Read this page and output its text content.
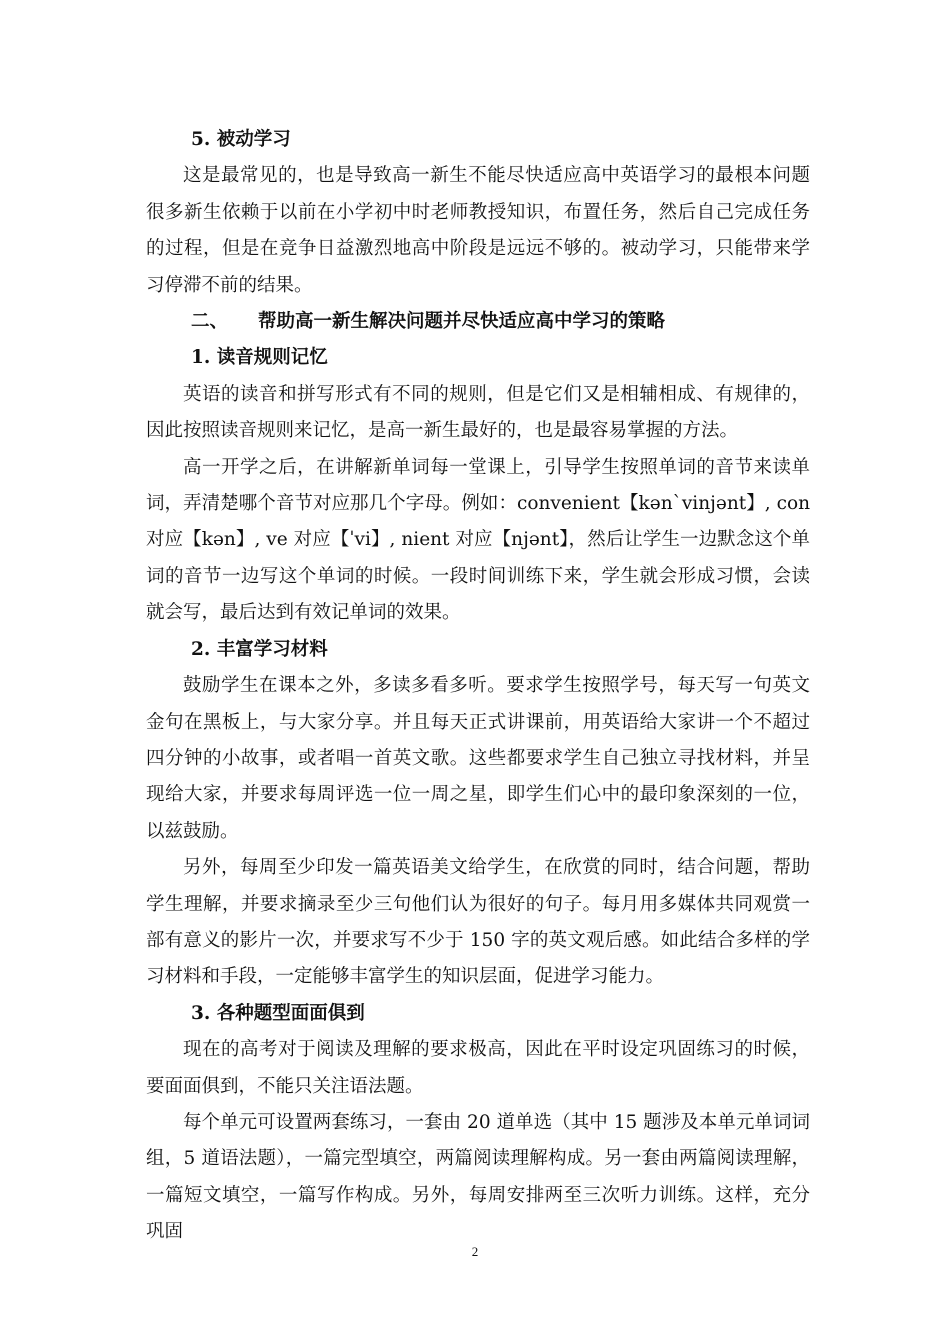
5. 被动学习

这是最常见的，也是导致高一新生不能尽快适应高中英语学习的最根本问题很多新生依赖于以前在小学初中时老师教授知识，布置任务，然后自己完成任务的过程，但是在竞争日益激烈地高中阶段是远远不够的。被动学习，只能带来学习停滞不前的结果。

二、 帮助高一新生解决问题并尽快适应高中学习的策略

1. 读音规则记忆

英语的读音和拼写形式有不同的规则，但是它们又是相辅相成、有规律的，因此按照读音规则来记忆，是高一新生最好的，也是最容易掌握的方法。

高一开学之后，在讲解新单词每一堂课上，引导学生按照单词的音节来读单词，弄清楚哪个音节对应那几个字母。例如：convenient【kən`vinjənt】, con 对应【kən】, ve 对应【ˈvi】, nient 对应【njənt】，然后让学生一边默念这个单词的音节一边写这个单词的时候。一段时间训练下来，学生就会形成习惯，会读就会写，最后达到有效记单词的效果。

2. 丰富学习材料

鼓励学生在课本之外，多读多看多听。要求学生按照学号，每天写一句英文金句在黑板上，与大家分享。并且每天正式讲课前，用英语给大家讲一个不超过四分钟的小故事，或者唱一首英文歌。这些都要求学生自己独立寻找材料，并呈现给大家，并要求每周评选一位一周之星，即学生们心中的最印象深刻的一位，以兹鼓励。

另外，每周至少印发一篇英语美文给学生，在欣赏的同时，结合问题，帮助学生理解，并要求摘录至少三句他们认为很好的句子。每月用多媒体共同观赏一部有意义的影片一次，并要求写不少于 150 字的英文观后感。如此结合多样的学习材料和手段，一定能够丰富学生的知识层面，促进学习能力。

3. 各种题型面面俱到

现在的高考对于阅读及理解的要求极高，因此在平时设定巩固练习的时候，要面面俱到，不能只关注语法题。

每个单元可设置两套练习，一套由 20 道单选（其中 15 题涉及本单元单词词组，5 道语法题），一篇完型填空，两篇阅读理解构成。另一套由两篇阅读理解，一篇短文填空，一篇写作构成。另外，每周安排两至三次听力训练。这样，充分巩固

2
